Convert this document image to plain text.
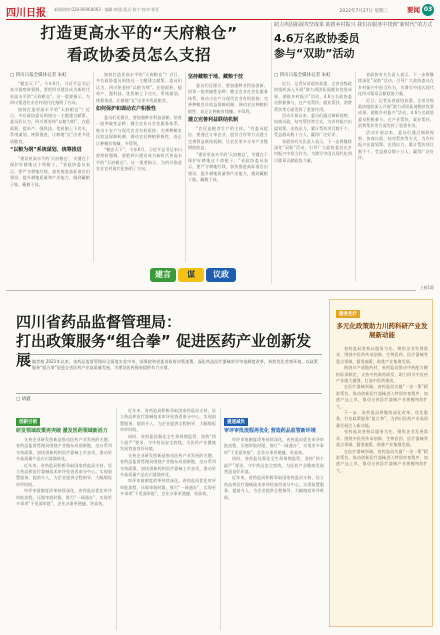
四川日报 新闻热线:028-86968063 · 编辑:黄逸 版式:陈宁 校对:祁亚	2022年7月27日 星期三	要闻 03
打造更高水平的“天府粮仓”
看政协委员怎么支招
助力巩固拓展攻坚成果 助推乡村振兴 我们在服务中找到“新时代”的方式
4.6万名政协委员
参与“双助”活动
□ 四川日报全媒体记者 朱虹

“粮安天下”。今年6月，习近平总书记来川视察时强调，要把四川建设成为新时代更高水平的“天府粮仓”。这一重要指示，为四川推进农业农村现代化指明了方向。

如何打造更高水平的“天府粮仓”？近日，多位政协委员围绕这一主题建言献策。委员们认为，四川要坚持“以粮为纲”，在稳面积、提单产、强科技、优机制上下功夫，系统谋划、统筹推进，让耕地“长”出更多优质粮食。

“以粮为纲”系统谋划、统筹推进

“建设更高水平的‘天府粮仓’，关键在于保护好耕地这个命根子。”省政协委员表示，要严守耕地红线，加快推进高标准农田建设，提升耕地质量和产出能力，做到藏粮于地、藏粮于技。

如何打造更高水平的“天府粮仓”？近日，多位政协委员围绕这一主题建言献策。委员们认为，四川要坚持“以粮为纲”，在稳面积、提单产、强科技、优机制上下功夫，系统谋划、统筹推进，让耕地“长”出更多优质粮食。

如何保护和调动农户积极性

委员们还建议，要加强种业科技创新，培育一批突破性品种；健全农业社会化服务体系，推动小农户与现代农业有机衔接；完善种粮农民收益保障机制，调动农民种粮积极性，真正让种粮有钱赚、多得利。

“粮安天下”。今年6月，习近平总书记来川视察时强调，要把四川建设成为新时代更高水平的“天府粮仓”。这一重要指示，为四川推进农业农村现代化指明了方向。

坚持藏粮于地、藏粮于技

委员们还建议，要加强种业科技创新，培育一批突破性品种；健全农业社会化服务体系，推动小农户与现代农业有机衔接；完善种粮农民收益保障机制，调动农民种粮积极性，真正让种粮有钱赚、多得利。

建立完善利益联结机制

“农民是粮食生产的主体。”有委员提出，要通过订单农业、股份合作等方式建立完善利益联结机制，让农民更多分享产业链增值收益。

“建设更高水平的‘天府粮仓’，关键在于保护好耕地这个命根子。”省政协委员表示，要严守耕地红线，加快推进高标准农田建设，提升耕地质量和产出能力，做到藏粮于地、藏粮于技。

□ 四川日报全媒体记者 朱虹

近日，记者从省政协获悉，全省各级政协组织深入开展“助力巩固拓展脱贫攻坚成果、助推乡村振兴”活动，4.6万名政协委员积极参与，在产业帮扶、就业帮扶、消费帮扶等方面发挥了重要作用。

活动开展以来，委员们通过调研视察、协商议政、结对帮扶等方式，为乡村振兴出谋划策、出钱出力，累计帮扶项目数千个，受益群众数十万人，赢得广泛好评。

省政协有关负责人表示，下一步将继续深化“双助”活动，引导广大政协委员在乡村振兴中担当作为，为谱写中国式现代化四川篇章贡献政协力量。

省政协有关负责人表示，下一步将继续深化“双助”活动，引导广大政协委员在乡村振兴中担当作为，为谱写中国式现代化四川篇章贡献政协力量。

近日，记者从省政协获悉，全省各级政协组织深入开展“助力巩固拓展脱贫攻坚成果、助推乡村振兴”活动，4.6万名政协委员积极参与，在产业帮扶、就业帮扶、消费帮扶等方面发挥了重要作用。

活动开展以来，委员们通过调研视察、协商议政、结对帮扶等方式，为乡村振兴出谋划策、出钱出力，累计帮扶项目数千个，受益群众数十万人，赢得广泛好评。

建言	谋	议政
上接1版
四川省药品监督管理局：
打出政策服务“组合拳” 促进医药产业创新发展 编者按 2021年以来，省药品监督管理局全面落实党中央、国务院和省委省政府决策部署，深化药品医疗器械审评审批制度改革，持续优化营商环境，以政策服务“组合拳”促进全省医药产业高质量发展，为建设医药强省提供有力支撑。

□ 胡鑫
创新引领
研发领域政策再突破 激发医药领域新活力

支持企业研发创新是推动医药产业发展的关键。省药品监督管理局围绕产业链布局创新链，出台系列支持政策，加快创新药和医疗器械上市步伐，推动更多高质量产品在川落地转化。

近年来，省药监局积极争取国家药监局支持，设立药品和医疗器械技术审评检查西南分中心，实现前置服务、提前介入，为企业提供全程指导，大幅缩短审评时间。

审评审批制度改革持续深化。省药监局优化审评审批流程，压缩审批时限，推行“一网通办”，实现更多事项“不见面审批”，企业办事更便捷、更高效。

近年来，省药监局积极争取国家药监局支持，设立药品和医疗器械技术审评检查西南分中心，实现前置服务、提前介入，为企业提供全程指导，大幅缩短审评时间。

同时，省药监局强化全生命周期监管，坚持“四个最严”要求，守牢药品安全底线，为医药产业健康发展营造良好环境。

支持企业研发创新是推动医药产业发展的关键。省药品监督管理局围绕产业链布局创新链，出台系列支持政策，加快创新药和医疗器械上市步伐，推动更多高质量产品在川落地转化。

审评审批制度改革持续深化。省药监局优化审评审批流程，压缩审批时限，推行“一网通办”，实现更多事项“不见面审批”，企业办事更便捷、更高效。

提速减负
审评审批流程再优化 营造药品监管新环境

审评审批制度改革持续深化。省药监局优化审评审批流程，压缩审批时限，推行“一网通办”，实现更多事项“不见面审批”，企业办事更便捷、更高效。

同时，省药监局强化全生命周期监管，坚持“四个最严”要求，守牢药品安全底线，为医药产业健康发展营造良好环境。

近年来，省药监局积极争取国家药监局支持，设立药品和医疗器械技术审评检查西南分中心，实现前置服务、提前介入，为企业提供全程指导，大幅缩短审评时间。

服务先行
多元化政策助力川药科研产业发展新动能

省药监局坚持以服务为先，聚焦企业发展需求，围绕中医药传承创新、生物医药、医疗器械等重点领域，精准施策，助推产业集聚发展。

围绕川产道地药材，省药监局推动中药配方颗粒标准制定，支持中药新药研发，助力四川中医药产业做大做强，打造中医药强省。

在医疗器械领域，省药监局实施“一企一策”精准帮扶，推动创新医疗器械进入特别审查程序，加速产品上市，推动全省医疗器械产业规模持续扩大。

下一步，省药监局将继续深化改革、优化服务，打出政策服务“组合拳”，为四川医药产业高质量发展注入新动能。

省药监局坚持以服务为先，聚焦企业发展需求，围绕中医药传承创新、生物医药、医疗器械等重点领域，精准施策，助推产业集聚发展。

在医疗器械领域，省药监局实施“一企一策”精准帮扶，推动创新医疗器械进入特别审查程序，加速产品上市，推动全省医疗器械产业规模持续扩大。
